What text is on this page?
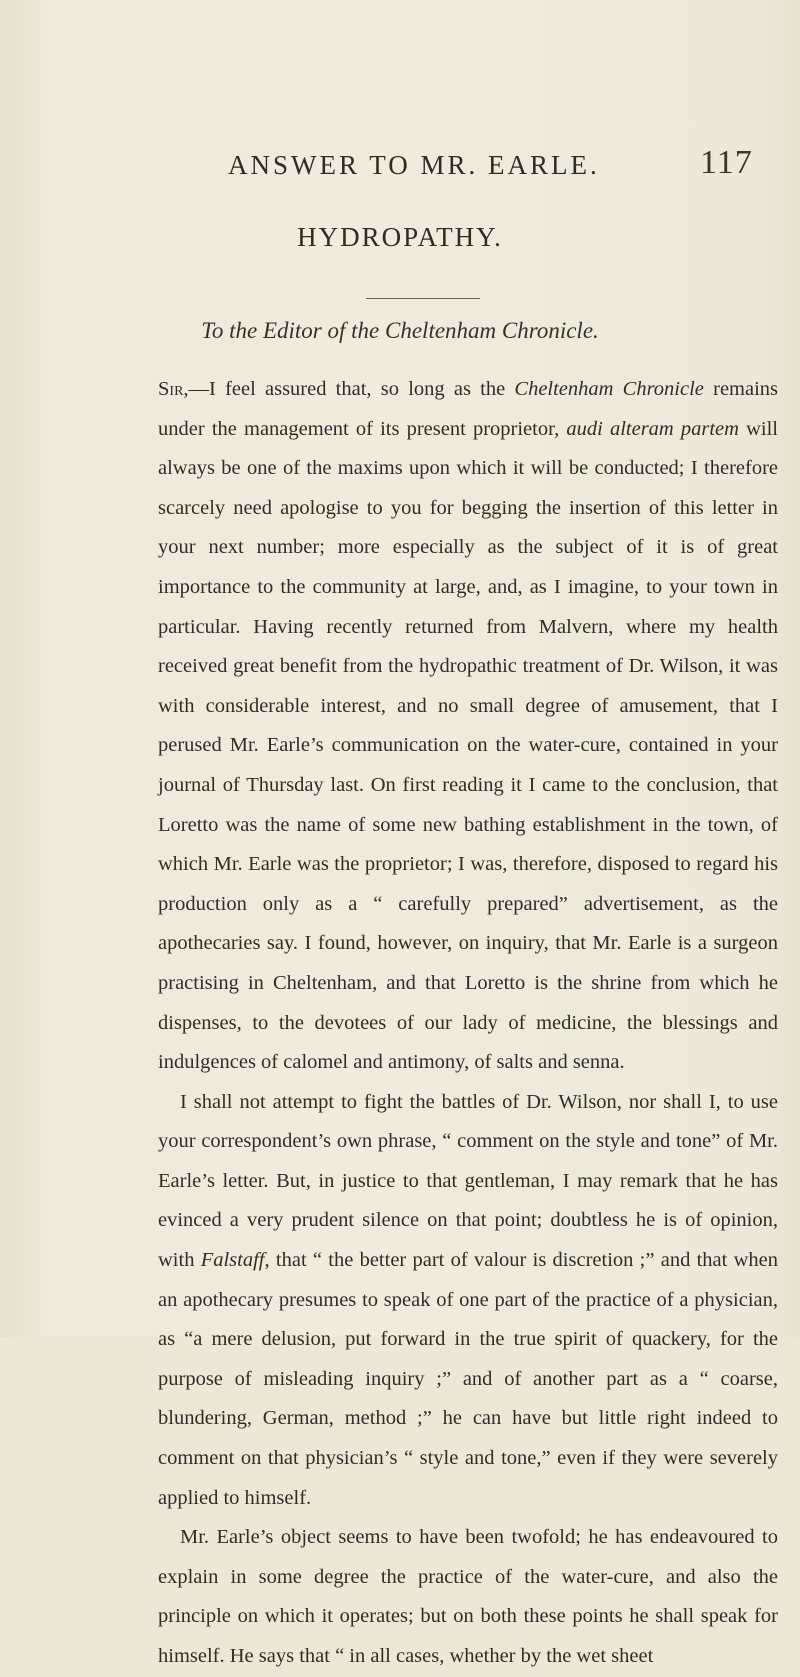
ANSWER TO MR. EARLE.	117
HYDROPATHY.
To the Editor of the Cheltenham Chronicle.

Sir,—I feel assured that, so long as the Cheltenham Chronicle remains under the management of its present proprietor, audi alteram partem will always be one of the maxims upon which it will be conducted; I therefore scarcely need apologise to you for begging the insertion of this letter in your next number; more especially as the subject of it is of great importance to the community at large, and, as I imagine, to your town in particular. Having recently returned from Malvern, where my health received great benefit from the hydropathic treatment of Dr. Wilson, it was with considerable interest, and no small degree of amusement, that I perused Mr. Earle’s communication on the water-cure, contained in your journal of Thursday last. On first reading it I came to the conclusion, that Loretto was the name of some new bathing establishment in the town, of which Mr. Earle was the proprietor; I was, therefore, disposed to regard his production only as a “ carefully prepared” advertisement, as the apothecaries say. I found, however, on inquiry, that Mr. Earle is a surgeon practising in Cheltenham, and that Loretto is the shrine from which he dispenses, to the devotees of our lady of medicine, the blessings and indulgences of calomel and antimony, of salts and senna.

I shall not attempt to fight the battles of Dr. Wilson, nor shall I, to use your correspondent’s own phrase, “ comment on the style and tone” of Mr. Earle’s letter. But, in justice to that gentleman, I may remark that he has evinced a very prudent silence on that point; doubtless he is of opinion, with Falstaff, that “ the better part of valour is discretion ;” and that when an apothecary presumes to speak of one part of the practice of a physician, as “a mere delusion, put forward in the true spirit of quackery, for the purpose of misleading inquiry ;” and of another part as a “ coarse, blundering, German, method ;” he can have but little right indeed to comment on that physician’s “ style and tone,” even if they were severely applied to himself.

Mr. Earle’s object seems to have been twofold; he has endeavoured to explain in some degree the practice of the water-cure, and also the principle on which it operates; but on both these points he shall speak for himself. He says that “ in all cases, whether by the wet sheet
